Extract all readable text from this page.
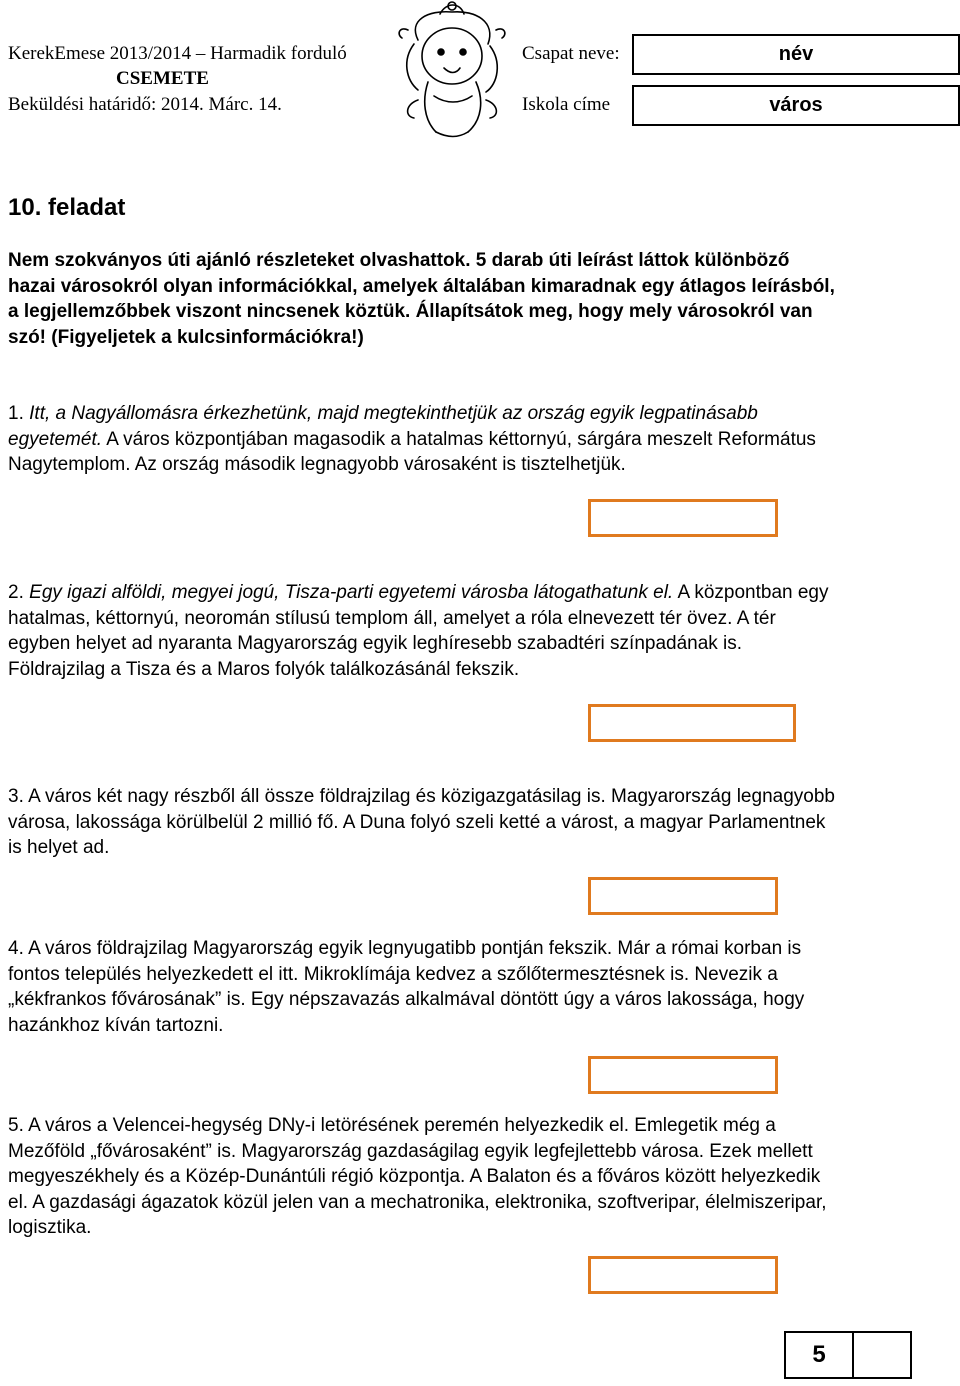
KerekEmese 2013/2014 – Harmadik forduló
CSEMETE
Beküldési határidő: 2014. Márc. 14.
Csapat neve:
Iskola címe
név
város
10. feladat
Nem szokványos úti ajánló részleteket olvashattok. 5 darab úti leírást láttok különböző hazai városokról olyan információkkal, amelyek általában kimaradnak egy átlagos leírásból, a legjellemzőbbek viszont nincsenek köztük. Állapítsátok meg, hogy mely városokról van szó! (Figyeljetek a kulcsinformációkra!)
1. Itt, a Nagyállomásra érkezhetünk, majd megtekinthetjük az ország egyik legpatinásabb egyetemét. A város központjában magasodik a hatalmas kéttornyú, sárgára meszelt Református Nagytemplom. Az ország második legnagyobb városaként is tisztelhetjük.
2. Egy igazi alföldi, megyei jogú, Tisza-parti egyetemi városba látogathatunk el. A központban egy hatalmas, kéttornyú, neoromán stílusú templom áll, amelyet a róla elnevezett tér övez. A tér egyben helyet ad nyaranta Magyarország egyik leghíresebb szabadtéri színpadának is. Földrajzilag a Tisza és a Maros folyók találkozásánál fekszik.
3. A város két nagy részből áll össze földrajzilag és közigazgatásilag is. Magyarország legnagyobb városa, lakossága körülbelül 2 millió fő. A Duna folyó szeli ketté a várost, a magyar Parlamentnek is helyet ad.
4. A város földrajzilag Magyarország egyik legnyugatibb pontján fekszik. Már a római korban is fontos település helyezkedett el itt. Mikroklímája kedvez a szőlőtermesztésnek is. Nevezik a „kékfrankos fővárosának” is. Egy népszavazás alkalmával döntött úgy a város lakossága, hogy hazánkhoz kíván tartozni.
5. A város a Velencei-hegység DNy-i letörésének peremén helyezkedik el. Emlegetik még a Mezőföld „fővárosaként” is. Magyarország gazdaságilag egyik legfejlettebb városa. Ezek mellett megyeszékhely és a Közép-Dunántúli régió központja. A Balaton és a főváros között helyezkedik el. A gazdasági ágazatok közül jelen van a mechatronika, elektronika, szoftveripar, élelmiszeripar, logisztika.
5
